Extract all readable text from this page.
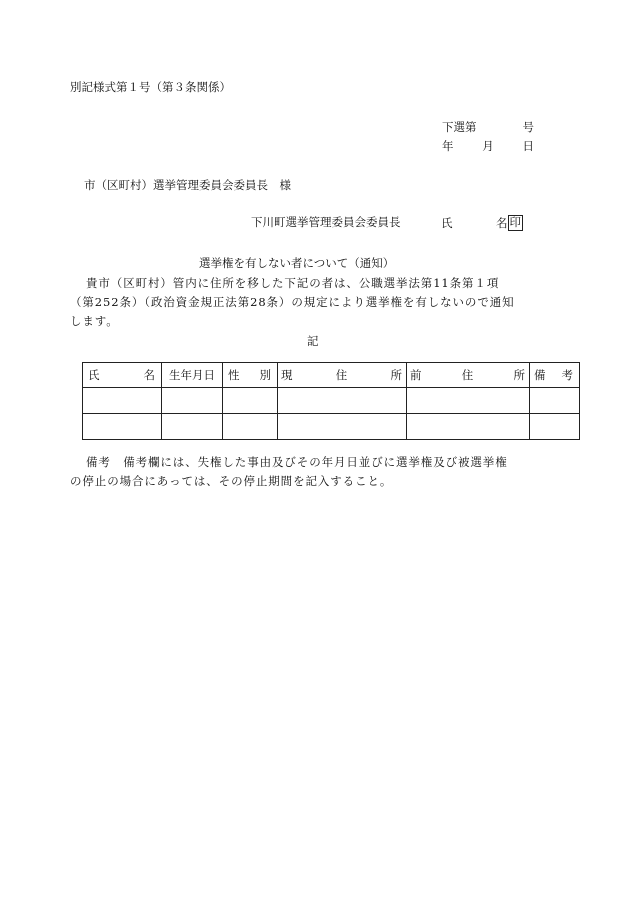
別記様式第１号（第３条関係）
下選第	号
年	月	日
市（区町村）選挙管理委員会委員長　様
下川町選挙管理委員会委員長	氏	名 印
選挙権を有しない者について（通知）
貴市（区町村）管内に住所を移した下記の者は、公職選挙法第11条第１項
（第252条）（政治資金規正法第28条）の規定により選挙権を有しないので通知
します。
記
氏 名	生年月日	性 別	現 住 所	前 住 所	備 考

備考　備考欄には、失権した事由及びその年月日並びに選挙権及び被選挙権
の停止の場合にあっては、その停止期間を記入すること。
